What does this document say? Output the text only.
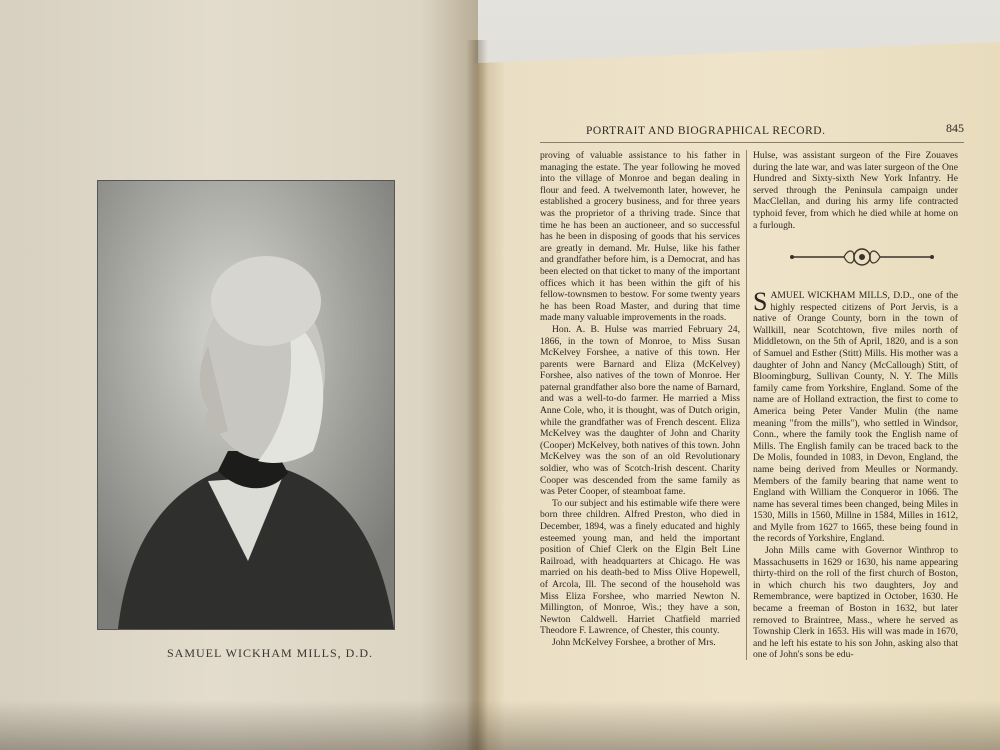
SAMUEL WICKHAM MILLS, D.D.
PORTRAIT AND BIOGRAPHICAL RECORD.	845

proving of valuable assistance to his father in managing the estate. The year following he moved into the village of Monroe and began dealing in flour and feed. A twelvemonth later, however, he established a grocery business, and for three years was the proprietor of a thriving trade. Since that time he has been an auctioneer, and so successful has he been in disposing of goods that his services are greatly in demand. Mr. Hulse, like his father and grandfather before him, is a Democrat, and has been elected on that ticket to many of the important offices which it has been within the gift of his fellow-townsmen to bestow. For some twenty years he has been Road Master, and during that time made many valuable improvements in the roads.

Hon. A. B. Hulse was married February 24, 1866, in the town of Monroe, to Miss Susan McKelvey Forshee, a native of this town. Her parents were Barnard and Eliza (McKelvey) Forshee, also natives of the town of Monroe. Her paternal grandfather also bore the name of Barnard, and was a well-to-do farmer. He married a Miss Anne Cole, who, it is thought, was of Dutch origin, while the grandfather was of French descent. Eliza McKelvey was the daughter of John and Charity (Cooper) McKelvey, both natives of this town. John McKelvey was the son of an old Revolutionary soldier, who was of Scotch-Irish descent. Charity Cooper was descended from the same family as was Peter Cooper, of steamboat fame.

To our subject and his estimable wife there were born three children. Alfred Preston, who died in December, 1894, was a finely educated and highly esteemed young man, and held the important position of Chief Clerk on the Elgin Belt Line Railroad, with headquarters at Chicago. He was married on his death-bed to Miss Olive Hopewell, of Arcola, Ill. The second of the household was Miss Eliza Forshee, who married Newton N. Millington, of Monroe, Wis.; they have a son, Newton Caldwell. Harriet Chatfield married Theodore F. Lawrence, of Chester, this county.

John McKelvey Forshee, a brother of Mrs.

Hulse, was assistant surgeon of the Fire Zouaves during the late war, and was later surgeon of the One Hundred and Sixty-sixth New York Infantry. He served through the Peninsula campaign under MacClellan, and during his army life contracted typhoid fever, from which he died while at home on a furlough.

SAMUEL WICKHAM MILLS, D.D., one of the highly respected citizens of Port Jervis, is a native of Orange County, born in the town of Wallkill, near Scotchtown, five miles north of Middletown, on the 5th of April, 1820, and is a son of Samuel and Esther (Stitt) Mills. His mother was a daughter of John and Nancy (McCallough) Stitt, of Bloomingburg, Sullivan County, N. Y. The Mills family came from Yorkshire, England. Some of the name are of Holland extraction, the first to come to America being Peter Vander Mulin (the name meaning "from the mills"), who settled in Windsor, Conn., where the family took the English name of Mills. The English family can be traced back to the De Molis, founded in 1083, in Devon, England, the name being derived from Meulles or Normandy. Members of the family bearing that name went to England with William the Conqueror in 1066. The name has several times been changed, being Miles in 1530, Mills in 1560, Millne in 1584, Milles in 1612, and Mylle from 1627 to 1665, these being found in the records of Yorkshire, England.

John Mills came with Governor Winthrop to Massachusetts in 1629 or 1630, his name appearing thirty-third on the roll of the first church of Boston, in which church his two daughters, Joy and Remembrance, were baptized in October, 1630. He became a freeman of Boston in 1632, but later removed to Braintree, Mass., where he served as Township Clerk in 1653. His will was made in 1670, and he left his estate to his son John, asking also that one of John's sons be edu-
